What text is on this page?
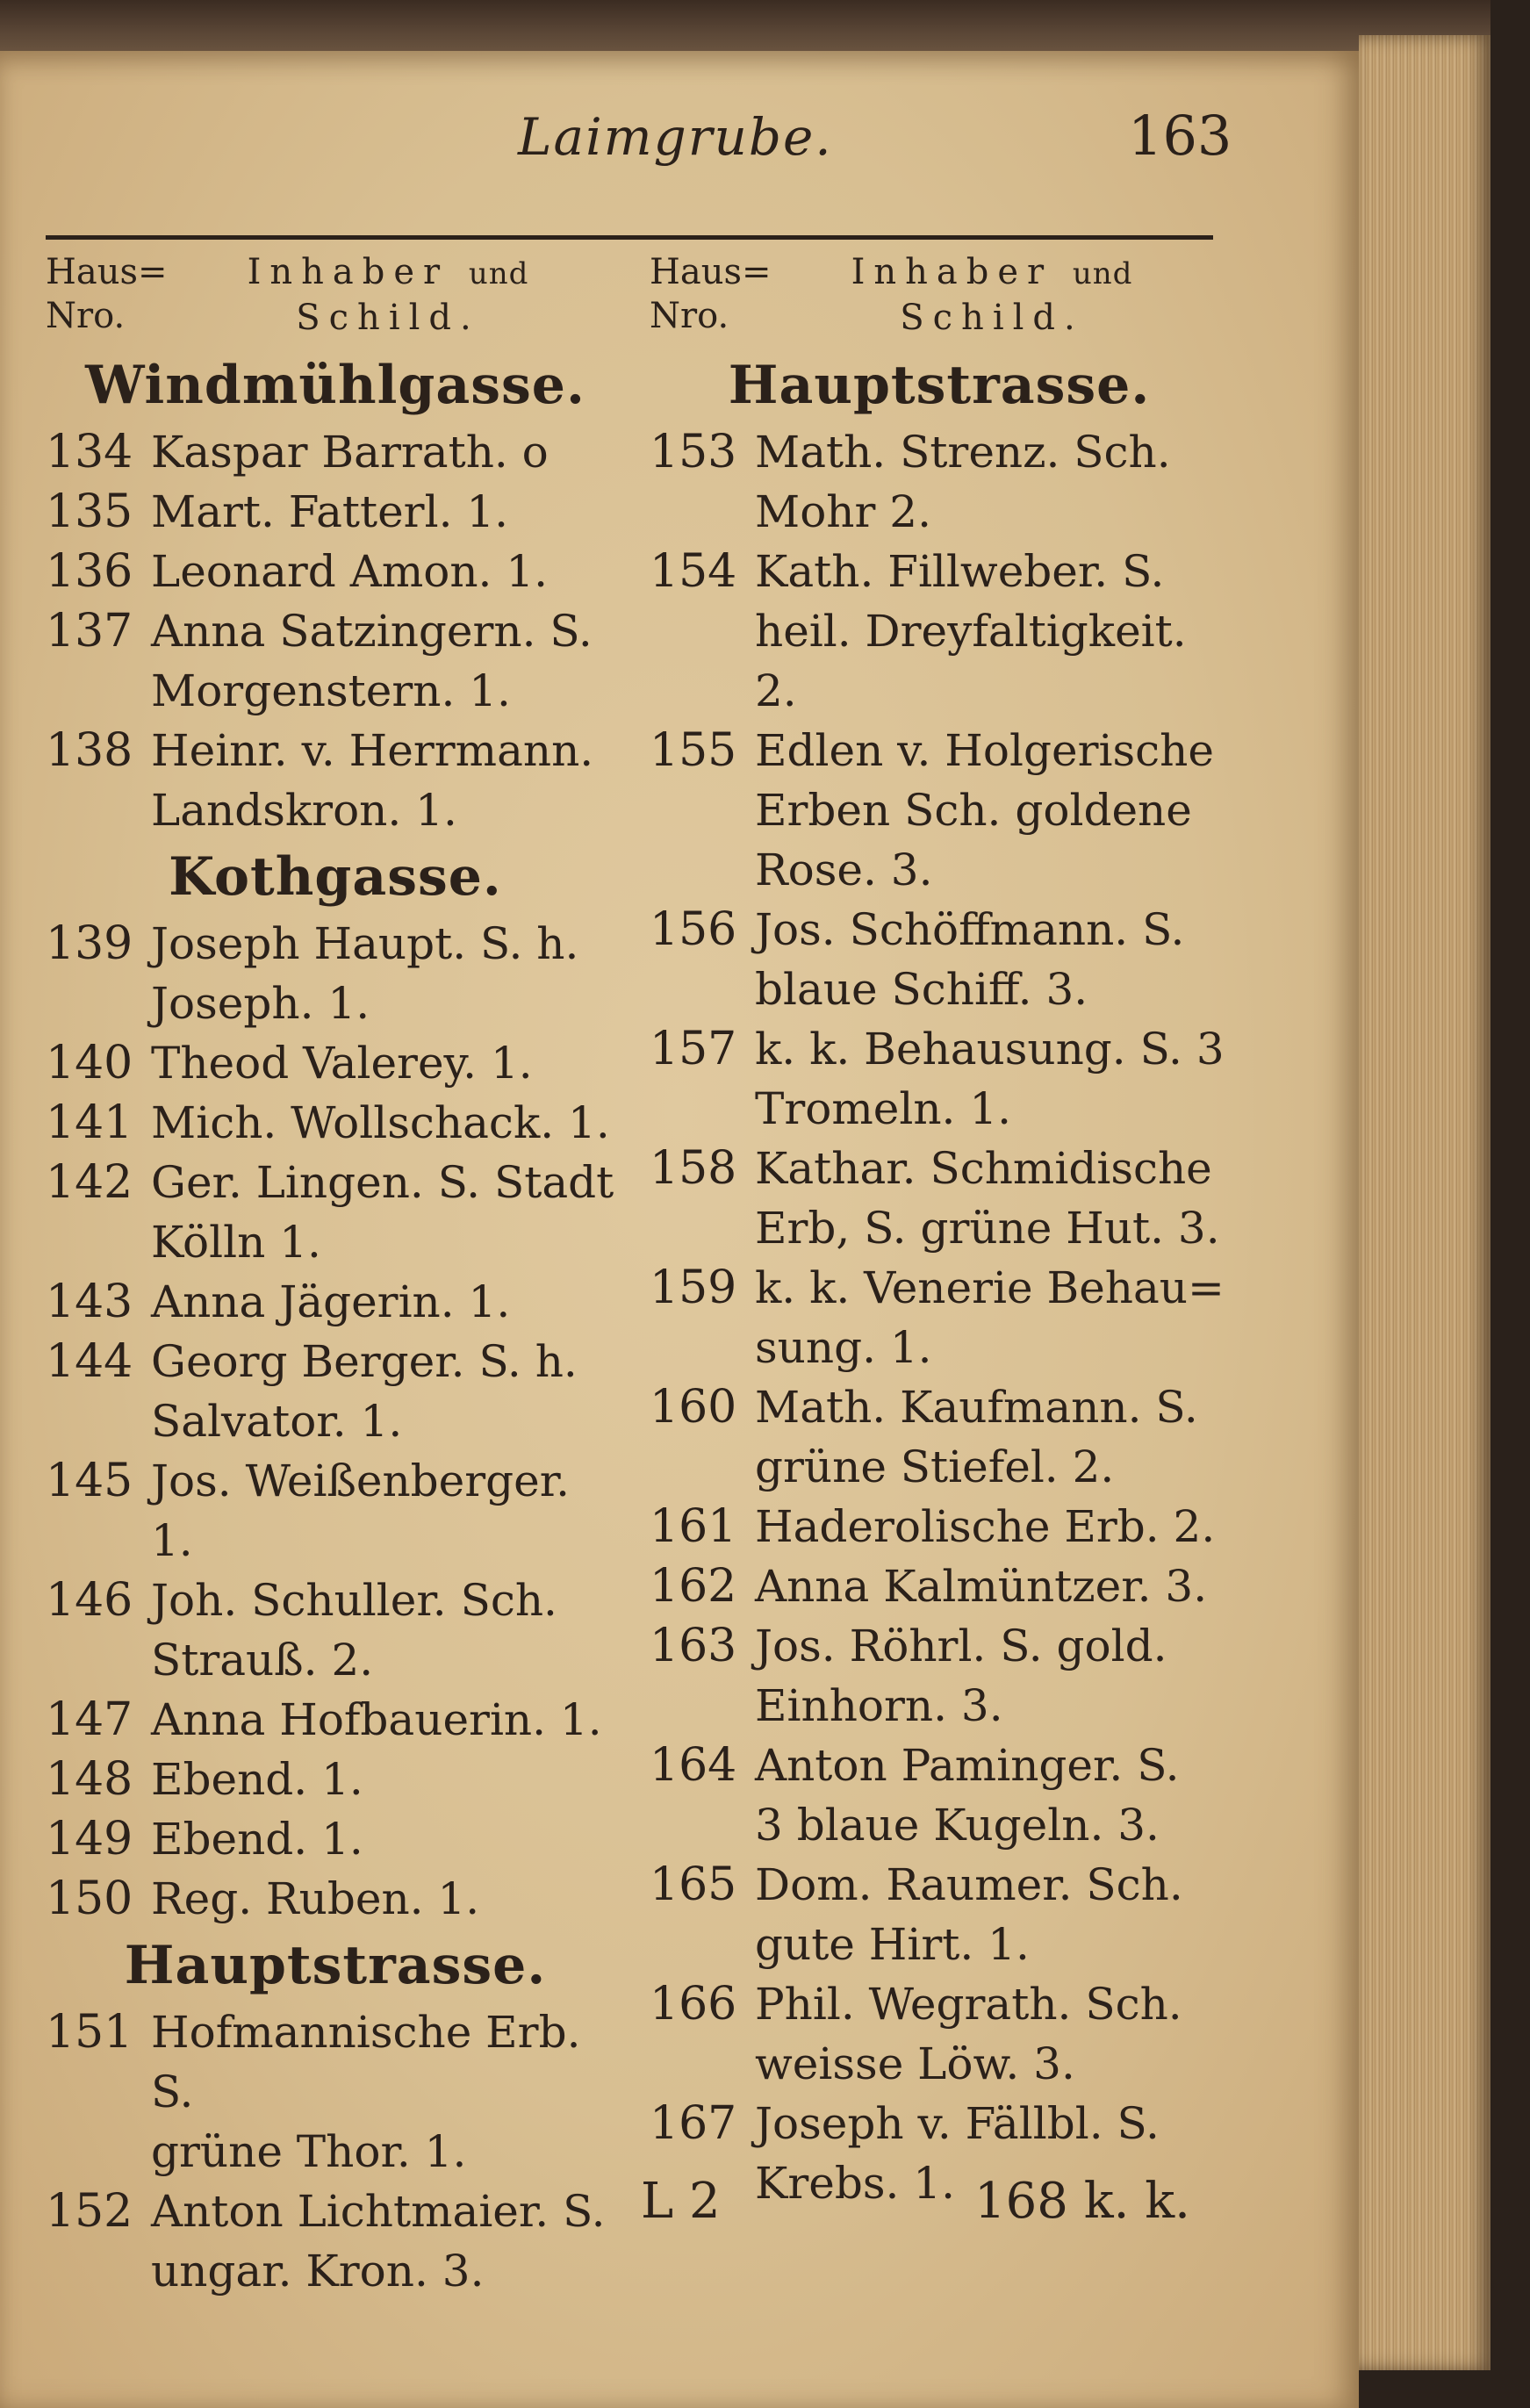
Laimgrube.	163
Haus=
Nro.
Inhaber und
Schild.
Windmühlgasse.
134 Kaspar Barrath. o
135 Mart. Fatterl. 1.
136 Leonard Amon. 1.
137 Anna Satzingern. S.
Morgenstern. 1.
138 Heinr. v. Herrmann.
Landskron. 1.
Kothgasse.
139 Joseph Haupt. S. h.
Joseph. 1.
140 Theod Valerey. 1.
141 Mich. Wollschack. 1.
142 Ger. Lingen. S. Stadt
Kölln 1.
143 Anna Jägerin. 1.
144 Georg Berger. S. h.
Salvator. 1.
145 Jos. Weißenberger. 1.
146 Joh. Schuller. Sch.
Strauß. 2.
147 Anna Hofbauerin. 1.
148 Ebend. 1.
149 Ebend. 1.
150 Reg. Ruben. 1.
Hauptstrasse.
151 Hofmannische Erb. S.
grüne Thor. 1.
152 Anton Lichtmaier. S.
ungar. Kron. 3.
Haus=
Nro.
Inhaber und
Schild.
Hauptstrasse.
153 Math. Strenz. Sch.
Mohr 2.
154 Kath. Fillweber. S.
heil. Dreyfaltigkeit. 2.
155 Edlen v. Holgerische
Erben Sch. goldene
Rose. 3.
156 Jos. Schöffmann. S.
blaue Schiff. 3.
157 k. k. Behausung. S. 3
Tromeln. 1.
158 Kathar. Schmidische
Erb, S. grüne Hut. 3.
159 k. k. Venerie Behau=
sung. 1.
160 Math. Kaufmann. S.
grüne Stiefel. 2.
161 Haderolische Erb. 2.
162 Anna Kalmüntzer. 3.
163 Jos. Röhrl. S. gold.
Einhorn. 3.
164 Anton Paminger. S.
3 blaue Kugeln. 3.
165 Dom. Raumer. Sch.
gute Hirt. 1.
166 Phil. Wegrath. Sch.
weisse Löw. 3.
167 Joseph v. Fällbl. S.
Krebs. 1.
L 2	168 k. k.
